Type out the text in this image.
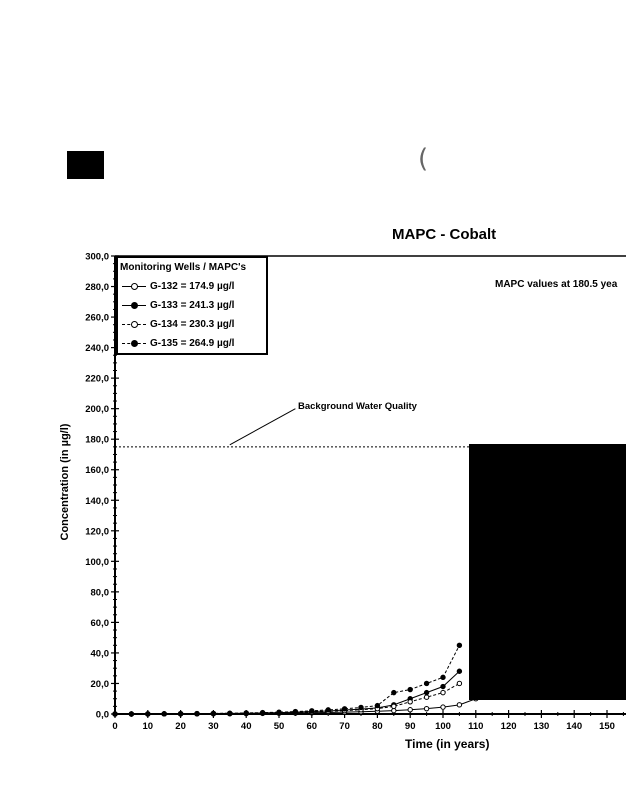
(
MAPC - Cobalt
MAPC values at 180.5 yea
0,0
20,0
40,0
60,0
80,0
100,0
120,0
140,0
160,0
180,0
200,0
220,0
240,0
260,0
280,0
300,0
0	10 20 30 40 50 60 70 80 90 100 110 120 130 140 150
Concentration (in µg/l)
Time (in years)
Background Water Quality
Monitoring Wells / MAPC's
G-132 = 174.9 µg/l
G-133 = 241.3 µg/l
G-134 = 230.3 µg/l
G-135 = 264.9 µg/l
